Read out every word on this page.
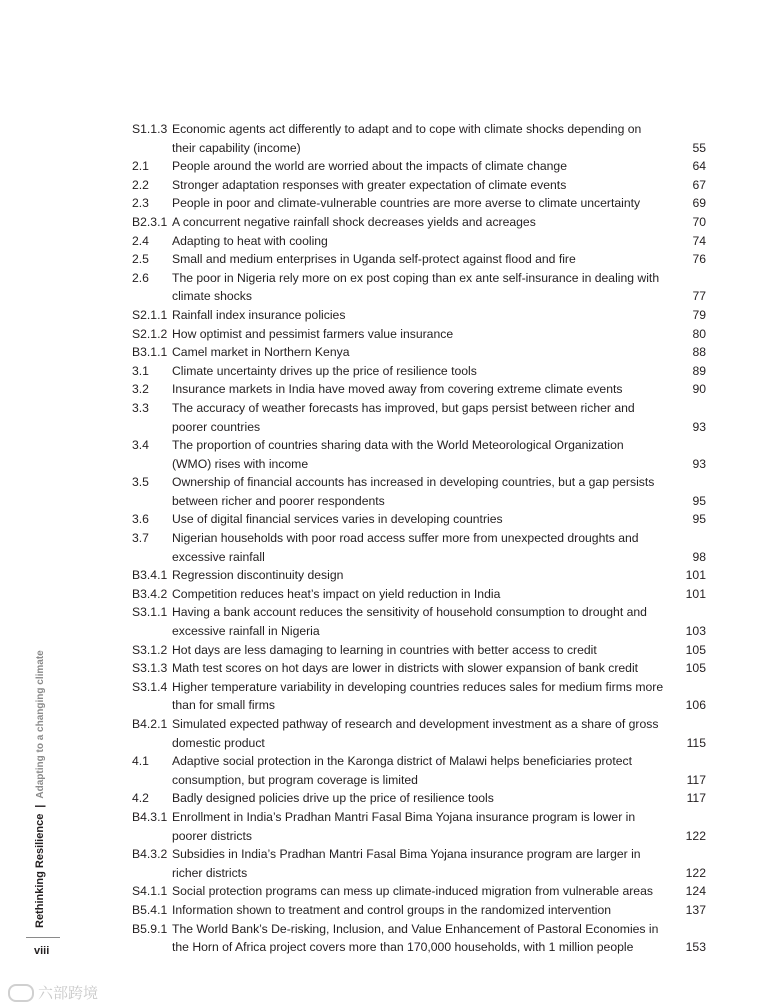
S1.1.3 Economic agents act differently to adapt and to cope with climate shocks depending on their capability (income)	55
2.1	People around the world are worried about the impacts of climate change	64
2.2	Stronger adaptation responses with greater expectation of climate events	67
2.3	People in poor and climate-vulnerable countries are more averse to climate uncertainty	69
B2.3.1 A concurrent negative rainfall shock decreases yields and acreages	70
2.4	Adapting to heat with cooling	74
2.5	Small and medium enterprises in Uganda self-protect against flood and fire	76
2.6	The poor in Nigeria rely more on ex post coping than ex ante self-insurance in dealing with climate shocks	77
S2.1.1 Rainfall index insurance policies	79
S2.1.2 How optimist and pessimist farmers value insurance	80
B3.1.1 Camel market in Northern Kenya	88
3.1	Climate uncertainty drives up the price of resilience tools	89
3.2	Insurance markets in India have moved away from covering extreme climate events	90
3.3	The accuracy of weather forecasts has improved, but gaps persist between richer and poorer countries	93
3.4	The proportion of countries sharing data with the World Meteorological Organization (WMO) rises with income	93
3.5	Ownership of financial accounts has increased in developing countries, but a gap persists between richer and poorer respondents	95
3.6	Use of digital financial services varies in developing countries	95
3.7	Nigerian households with poor road access suffer more from unexpected droughts and excessive rainfall	98
B3.4.1 Regression discontinuity design	101
B3.4.2 Competition reduces heat’s impact on yield reduction in India	101
S3.1.1 Having a bank account reduces the sensitivity of household consumption to drought and excessive rainfall in Nigeria	103
S3.1.2 Hot days are less damaging to learning in countries with better access to credit	105
S3.1.3 Math test scores on hot days are lower in districts with slower expansion of bank credit	105
S3.1.4 Higher temperature variability in developing countries reduces sales for medium firms more than for small firms	106
B4.2.1 Simulated expected pathway of research and development investment as a share of gross domestic product	115
4.1	Adaptive social protection in the Karonga district of Malawi helps beneficiaries protect consumption, but program coverage is limited	117
4.2	Badly designed policies drive up the price of resilience tools	117
B4.3.1 Enrollment in India’s Pradhan Mantri Fasal Bima Yojana insurance program is lower in poorer districts	122
B4.3.2 Subsidies in India’s Pradhan Mantri Fasal Bima Yojana insurance program are larger in richer districts	122
S4.1.1 Social protection programs can mess up climate-induced migration from vulnerable areas	124
B5.4.1 Information shown to treatment and control groups in the randomized intervention	137
B5.9.1 The World Bank’s De-risking, Inclusion, and Value Enhancement of Pastoral Economies in the Horn of Africa project covers more than 170,000 households, with 1 million people	153
Rethinking Resilience|Adapting to a changing climate
viii
六部跨境
